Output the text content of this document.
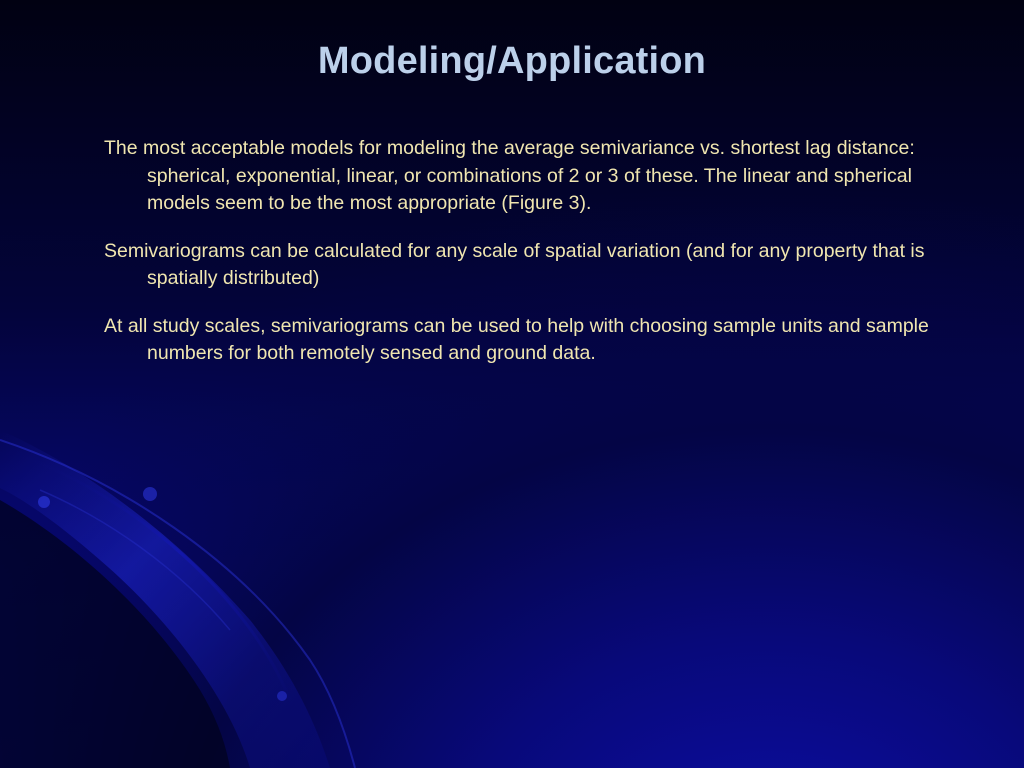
Modeling/Application

The most acceptable models for modeling the average semivariance vs. shortest lag distance: spherical, exponential, linear, or combinations of 2 or 3 of these. The linear and spherical models seem to be the most appropriate (Figure 3).

Semivariograms can be calculated for any scale of spatial variation (and for any property that is spatially distributed)

At all study scales, semivariograms can be used to help with choosing sample units and sample numbers for both remotely sensed and ground data.
